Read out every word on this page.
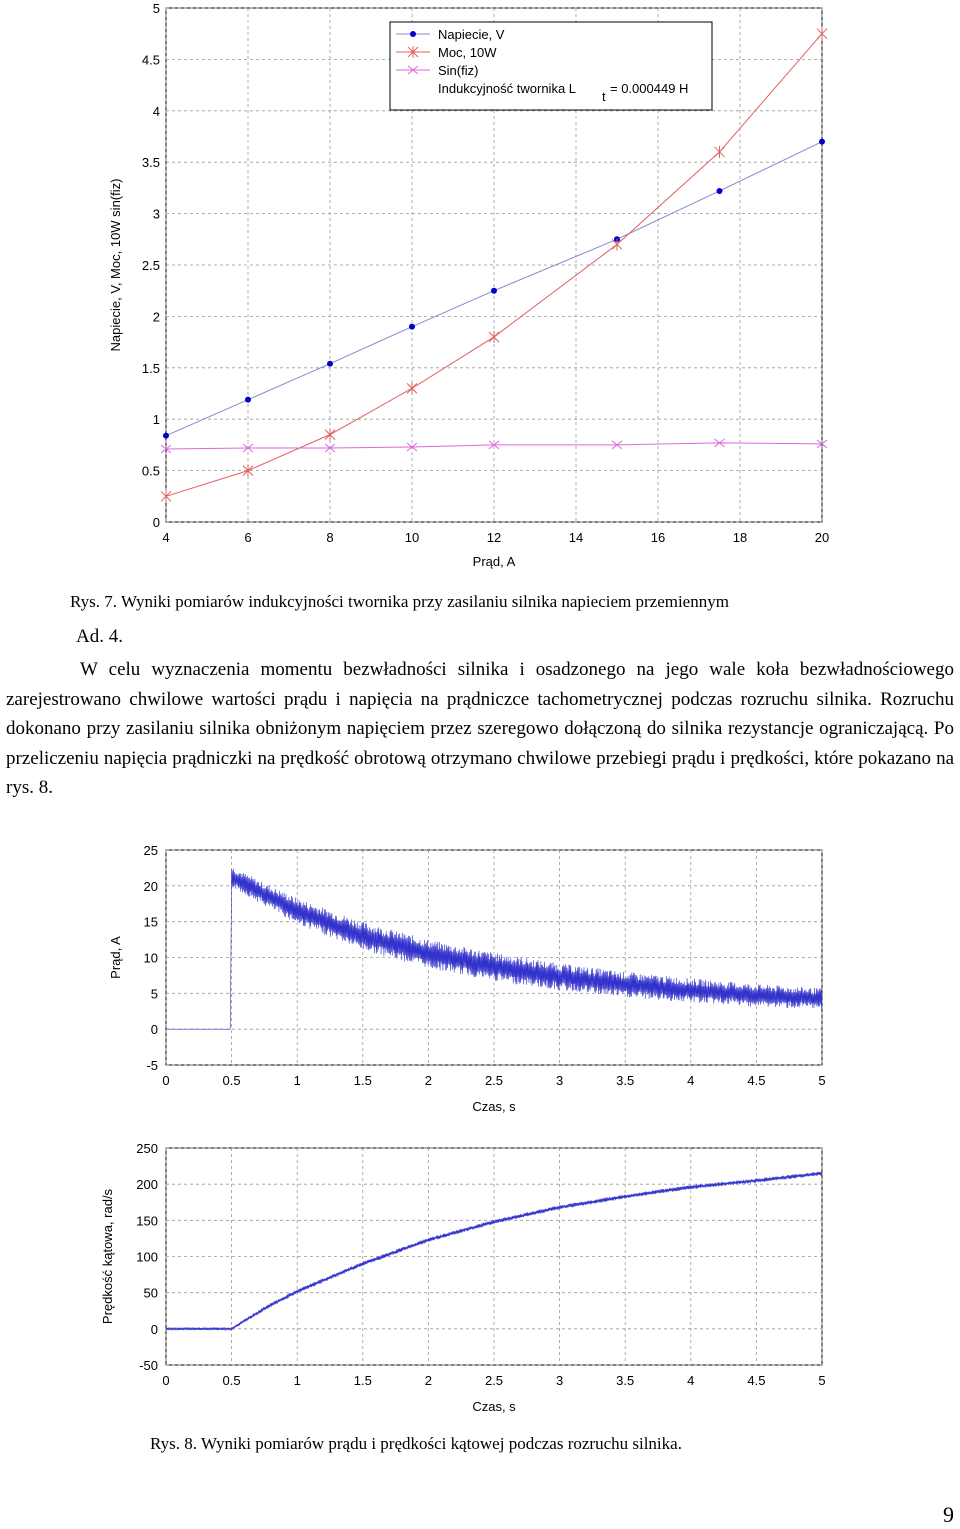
4	6	8	10	12	14	16	18	20
0
0.5
1
1.5
2
2.5
3
3.5
4
4.5
5
Prąd, A
Napiecie, V, Moc, 10W sin(fiz)
Napiecie, V
Moc, 10W
Sin(fiz)
Indukcyjność twornika L
t
= 0.000449 H
Rys. 7. Wyniki pomiarów indukcyjności twornika przy zasilaniu silnika napieciem przemiennym
Ad. 4.

W celu wyznaczenia momentu bezwładności silnika i osadzonego na jego wale koła bezwładnościowego zarejestrowano chwilowe wartości prądu i napięcia na prądniczce tachometrycznej podczas rozruchu silnika. Rozruchu dokonano przy zasilaniu silnika obniżonym napięciem przez szeregowo dołączoną do silnika rezystancje ograniczającą. Po przeliczeniu napięcia prądniczki na prędkość obrotową otrzymano chwilowe przebiegi prądu i prędkości, które pokazano na rys. 8.

0	0.5	1	1.5	2	2.5	3	3.5	4	4.5	5
-5
0
5
10
15
20
25
Czas, s
Prąd, A
0	0.5	1	1.5	2	2.5	3	3.5	4	4.5	5
-50
0
50
100
150
200
250
Czas, s
Prędkość kątowa, rad/s
Rys. 8. Wyniki pomiarów prądu i prędkości kątowej podczas rozruchu silnika.
9
